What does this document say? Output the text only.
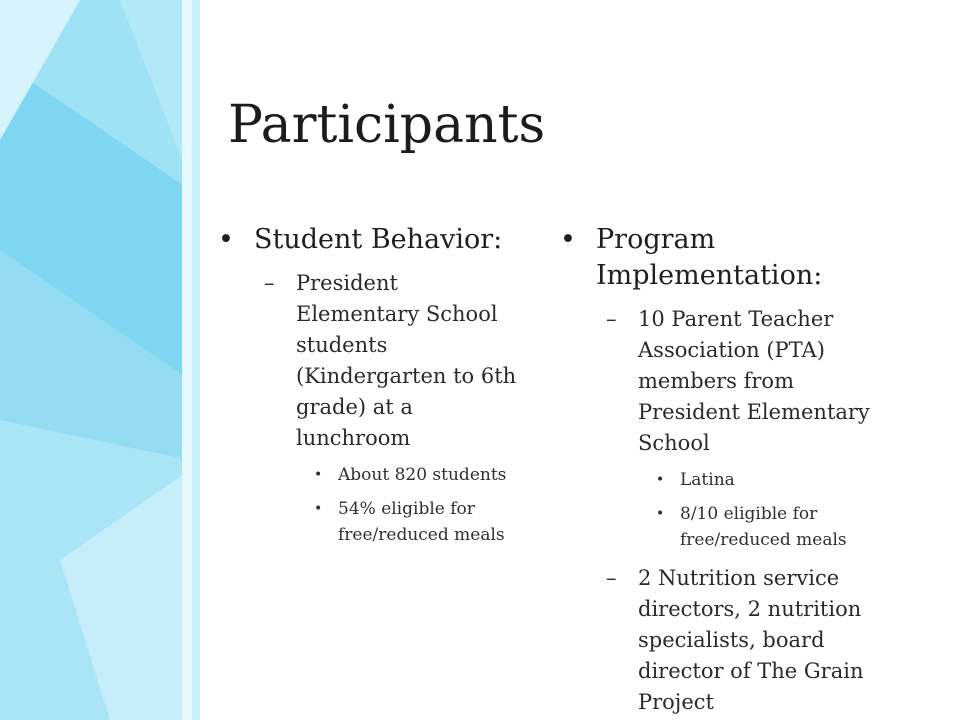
Participants
• Student Behavior:
– President Elementary School students (Kindergarten to 6th grade) at a lunchroom
• About 820 students
• 54% eligible for free/reduced meals
• Program Implementation:
– 10 Parent Teacher Association (PTA) members from President Elementary School
• Latina
• 8/10 eligible for free/reduced meals
– 2 Nutrition service directors, 2 nutrition specialists, board director of The Grain Project
